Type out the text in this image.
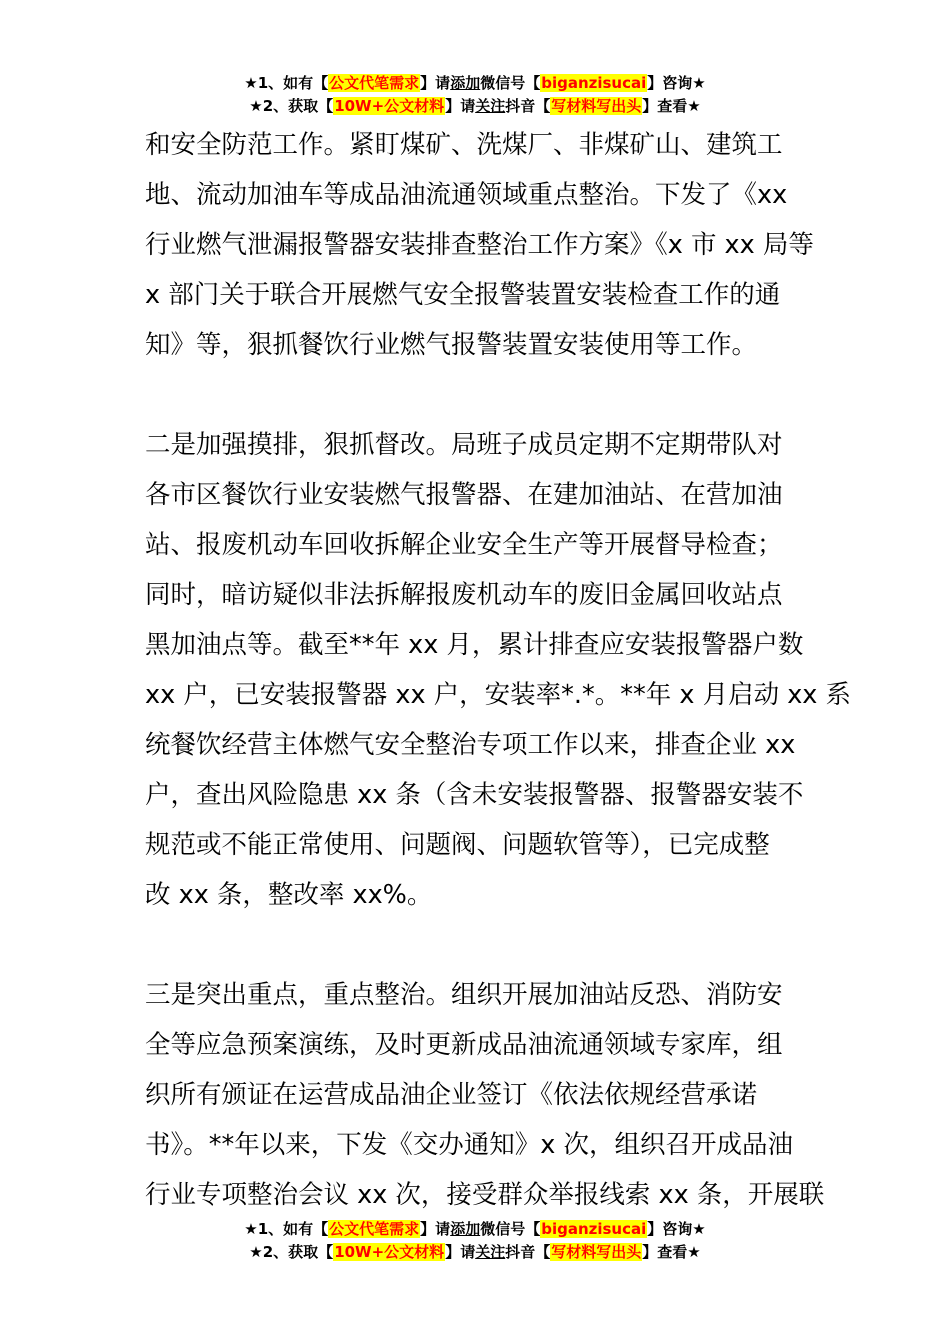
★1、如有【公文代笔需求】请添加微信号【biganzisucai】咨询★
★2、获取【10W+公文材料】请关注抖音【写材料写出头】查看★

和安全防范工作。紧盯煤矿、洗煤厂、非煤矿山、建筑工
地、流动加油车等成品油流通领域重点整治。下发了《xx
行业燃气泄漏报警器安装排查整治工作方案》《x 市 xx 局等
x 部门关于联合开展燃气安全报警装置安装检查工作的通
知》等，狠抓餐饮行业燃气报警装置安装使用等工作。

二是加强摸排，狠抓督改。局班子成员定期不定期带队对
各市区餐饮行业安装燃气报警器、在建加油站、在营加油
站、报废机动车回收拆解企业安全生产等开展督导检查；
同时，暗访疑似非法拆解报废机动车的废旧金属回收站点
黑加油点等。截至**年 xx 月，累计排查应安装报警器户数
xx 户，已安装报警器 xx 户，安装率*.*。**年 x 月启动 xx 系
统餐饮经营主体燃气安全整治专项工作以来，排查企业 xx
户，查出风险隐患 xx 条（含未安装报警器、报警器安装不
规范或不能正常使用、问题阀、问题软管等），已完成整
改 xx 条，整改率 xx%。

三是突出重点，重点整治。组织开展加油站反恐、消防安
全等应急预案演练，及时更新成品油流通领域专家库，组
织所有颁证在运营成品油企业签订《依法依规经营承诺
书》。**年以来，下发《交办通知》x 次，组织召开成品油
行业专项整治会议 xx 次，接受群众举报线索 xx 条，开展联

★1、如有【公文代笔需求】请添加微信号【biganzisucai】咨询★
★2、获取【10W+公文材料】请关注抖音【写材料写出头】查看★
